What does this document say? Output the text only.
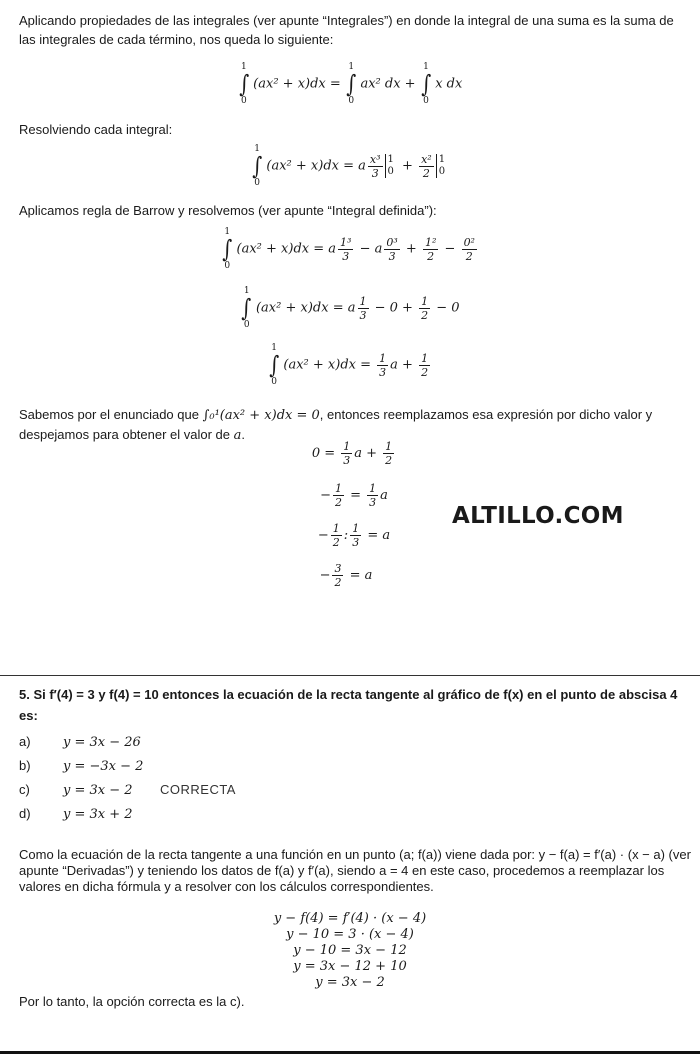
Aplicando propiedades de las integrales (ver apunte “Integrales”) en donde la integral de una suma es la suma de las integrales de cada término, nos queda lo siguiente:

1
∫
0
(ax² + x)dx =
1
∫
0
ax² dx +
1
∫
0
x dx

Resolviendo cada integral:

1
∫
0
(ax² + x)dx = a $\frac{\text{x³}}{3} 1$
$0 + \frac{\text{x²}}{2} 1$
0

Aplicamos regla de Barrow y resolvemos (ver apunte “Integral definida”):

1
∫
0
(ax² + x)dx = a $\frac{\text{1³}}{3} - a \frac{\text{0³}}{3} + \frac{\text{1²}}{2} - \frac{\text{0²}}{2}$
1
∫
0
(ax² + x)dx = a $\frac{1}{3} - 0 + \frac{1}{2} - 0$
1
∫
0
$(ax^2 + x)dx = \frac{1}{3}$ $a + \frac{1}{2}$

Sabemos por el enunciado que ∫₀¹(ax² + x)dx = 0, entonces reemplazamos esa expresión por dicho valor y despejamos para obtener el valor de a.

$0 = \frac{1}{3}$ $a + \frac{1}{2}$
− $\frac{1}{2} = \frac{1}{3}$ a
− $\frac{1}{2}$ : $\frac{1}{3} = a$
− $\frac{3}{2} = a$
ALTILLO.COM

5. Si f′(4) = 3 y f(4) = 10 entonces la ecuación de la recta tangente al gráfico de f(x) en el punto de abscisa 4 es:

a) y = 3x − 26
b) y = −3x − 2
c)	y = 3x − 2 CORRECTA
d) y = 3x + 2

Como la ecuación de la recta tangente a una función en un punto (a; f(a)) viene dada por: y − f(a) = f′(a) · (x − a) (ver apunte “Derivadas”) y teniendo los datos de f(a) y f′(a), siendo a = 4 en este caso, procedemos a reemplazar los valores en dicha fórmula y a resolver con los cálculos correspondientes.

y − f(4) = f′(4) · (x − 4)
y − 10 = 3 · (x − 4)
y − 10 = 3x − 12
y = 3x − 12 + 10
y = 3x − 2

Por lo tanto, la opción correcta es la c).
